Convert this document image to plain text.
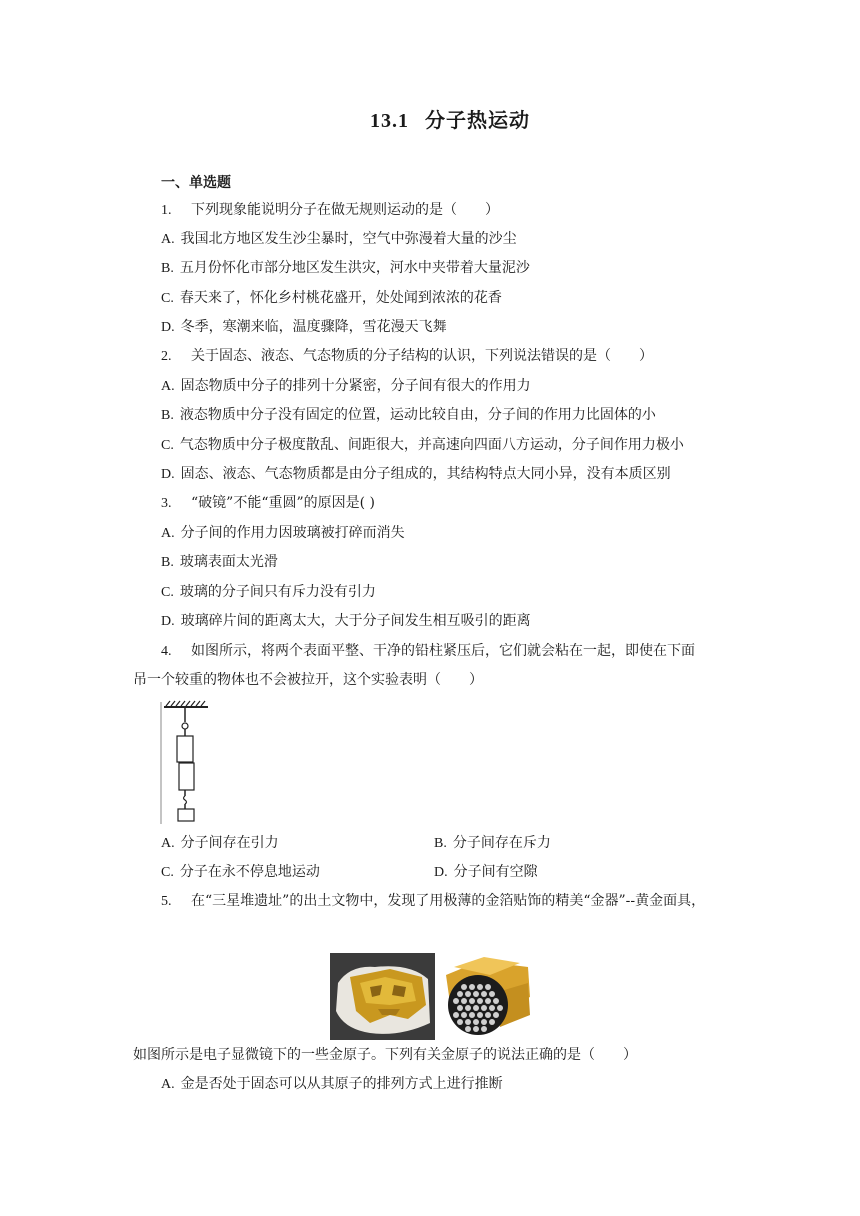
13.1 分子热运动
一、单选题
1. 下列现象能说明分子在做无规则运动的是（　　）
A. 我国北方地区发生沙尘暴时，空气中弥漫着大量的沙尘
B. 五月份怀化市部分地区发生洪灾，河水中夹带着大量泥沙
C. 春天来了，怀化乡村桃花盛开，处处闻到浓浓的花香
D. 冬季，寒潮来临，温度骤降，雪花漫天飞舞
2. 关于固态、液态、气态物质的分子结构的认识，下列说法错误的是（　　）
A. 固态物质中分子的排列十分紧密，分子间有很大的作用力
B. 液态物质中分子没有固定的位置，运动比较自由，分子间的作用力比固体的小
C. 气态物质中分子极度散乱、间距很大，并高速向四面八方运动，分子间作用力极小
D. 固态、液态、气态物质都是由分子组成的，其结构特点大同小异，没有本质区别
3. “破镜”不能“重圆”的原因是( )
A. 分子间的作用力因玻璃被打碎而消失
B. 玻璃表面太光滑
C. 玻璃的分子间只有斥力没有引力
D. 玻璃碎片间的距离太大，大于分子间发生相互吸引的距离
4. 如图所示，将两个表面平整、干净的铅柱紧压后，它们就会粘在一起，即使在下面
吊一个较重的物体也不会被拉开，这个实验表明（　　）
A. 分子间存在引力	B. 分子间存在斥力
C. 分子在永不停息地运动	D. 分子间有空隙
5. 在“三星堆遗址”的出土文物中，发现了用极薄的金箔贴饰的精美“金器”--黄金面具，
如图所示是电子显微镜下的一些金原子。下列有关金原子的说法正确的是（　　）
A. 金是否处于固态可以从其原子的排列方式上进行推断
